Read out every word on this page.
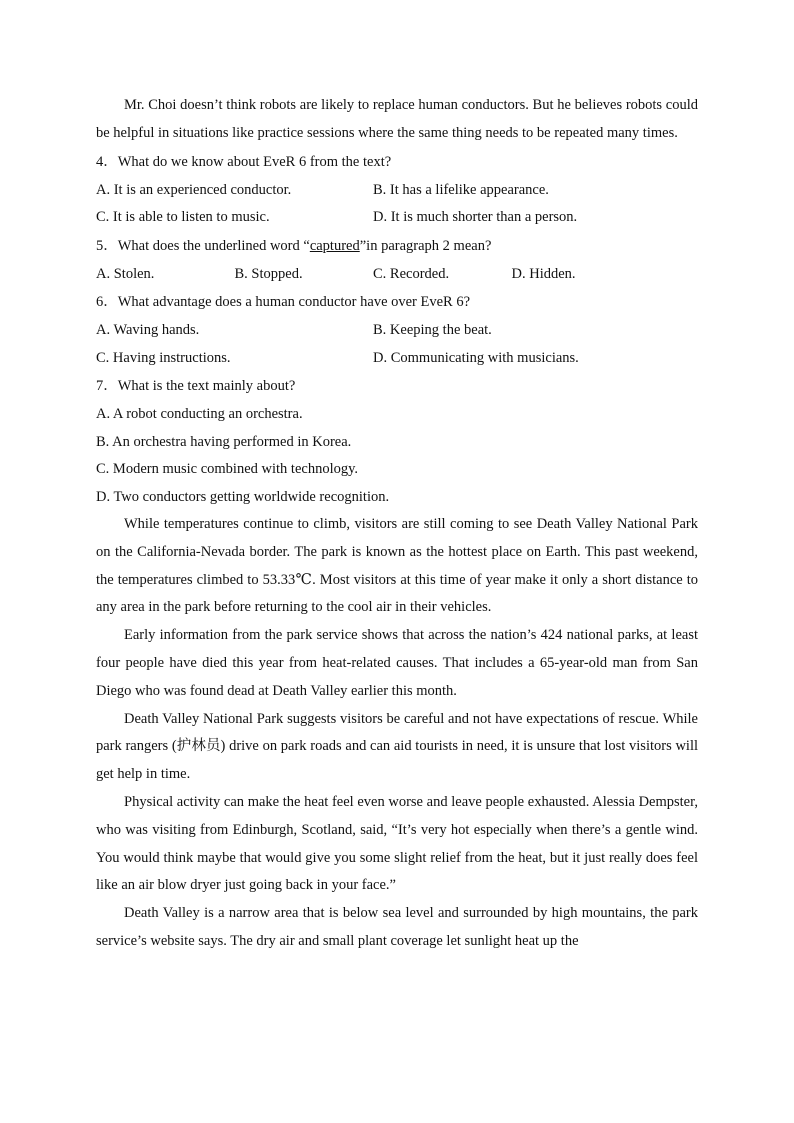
Mr. Choi doesn’t think robots are likely to replace human conductors. But he believes robots could be helpful in situations like practice sessions where the same thing needs to be repeated many times.

4．What do we know about EveR 6 from the text?
A. It is an experienced conductor.	B. It has a lifelike appearance.
C. It is able to listen to music.	D. It is much shorter than a person.
5．What does the underlined word “captured”in paragraph 2 mean?
A. Stolen.	B. Stopped.	C. Recorded.	D. Hidden.
6．What advantage does a human conductor have over EveR 6?
A. Waving hands.	B. Keeping the beat.
C. Having instructions.	D. Communicating with musicians.
7．What is the text mainly about?
A. A robot conducting an orchestra.
B. An orchestra having performed in Korea.
C. Modern music combined with technology.
D. Two conductors getting worldwide recognition.

While temperatures continue to climb, visitors are still coming to see Death Valley National Park on the California-Nevada border. The park is known as the hottest place on Earth. This past weekend, the temperatures climbed to 53.33℃. Most visitors at this time of year make it only a short distance to any area in the park before returning to the cool air in their vehicles.

Early information from the park service shows that across the nation’s 424 national parks, at least four people have died this year from heat-related causes. That includes a 65-year-old man from San Diego who was found dead at Death Valley earlier this month.

Death Valley National Park suggests visitors be careful and not have expectations of rescue. While park rangers (护林员) drive on park roads and can aid tourists in need, it is unsure that lost visitors will get help in time.

Physical activity can make the heat feel even worse and leave people exhausted. Alessia Dempster, who was visiting from Edinburgh, Scotland, said, “It’s very hot especially when there’s a gentle wind. You would think maybe that would give you some slight relief from the heat, but it just really does feel like an air blow dryer just going back in your face.”

Death Valley is a narrow area that is below sea level and surrounded by high mountains, the park service’s website says. The dry air and small plant coverage let sunlight heat up the
